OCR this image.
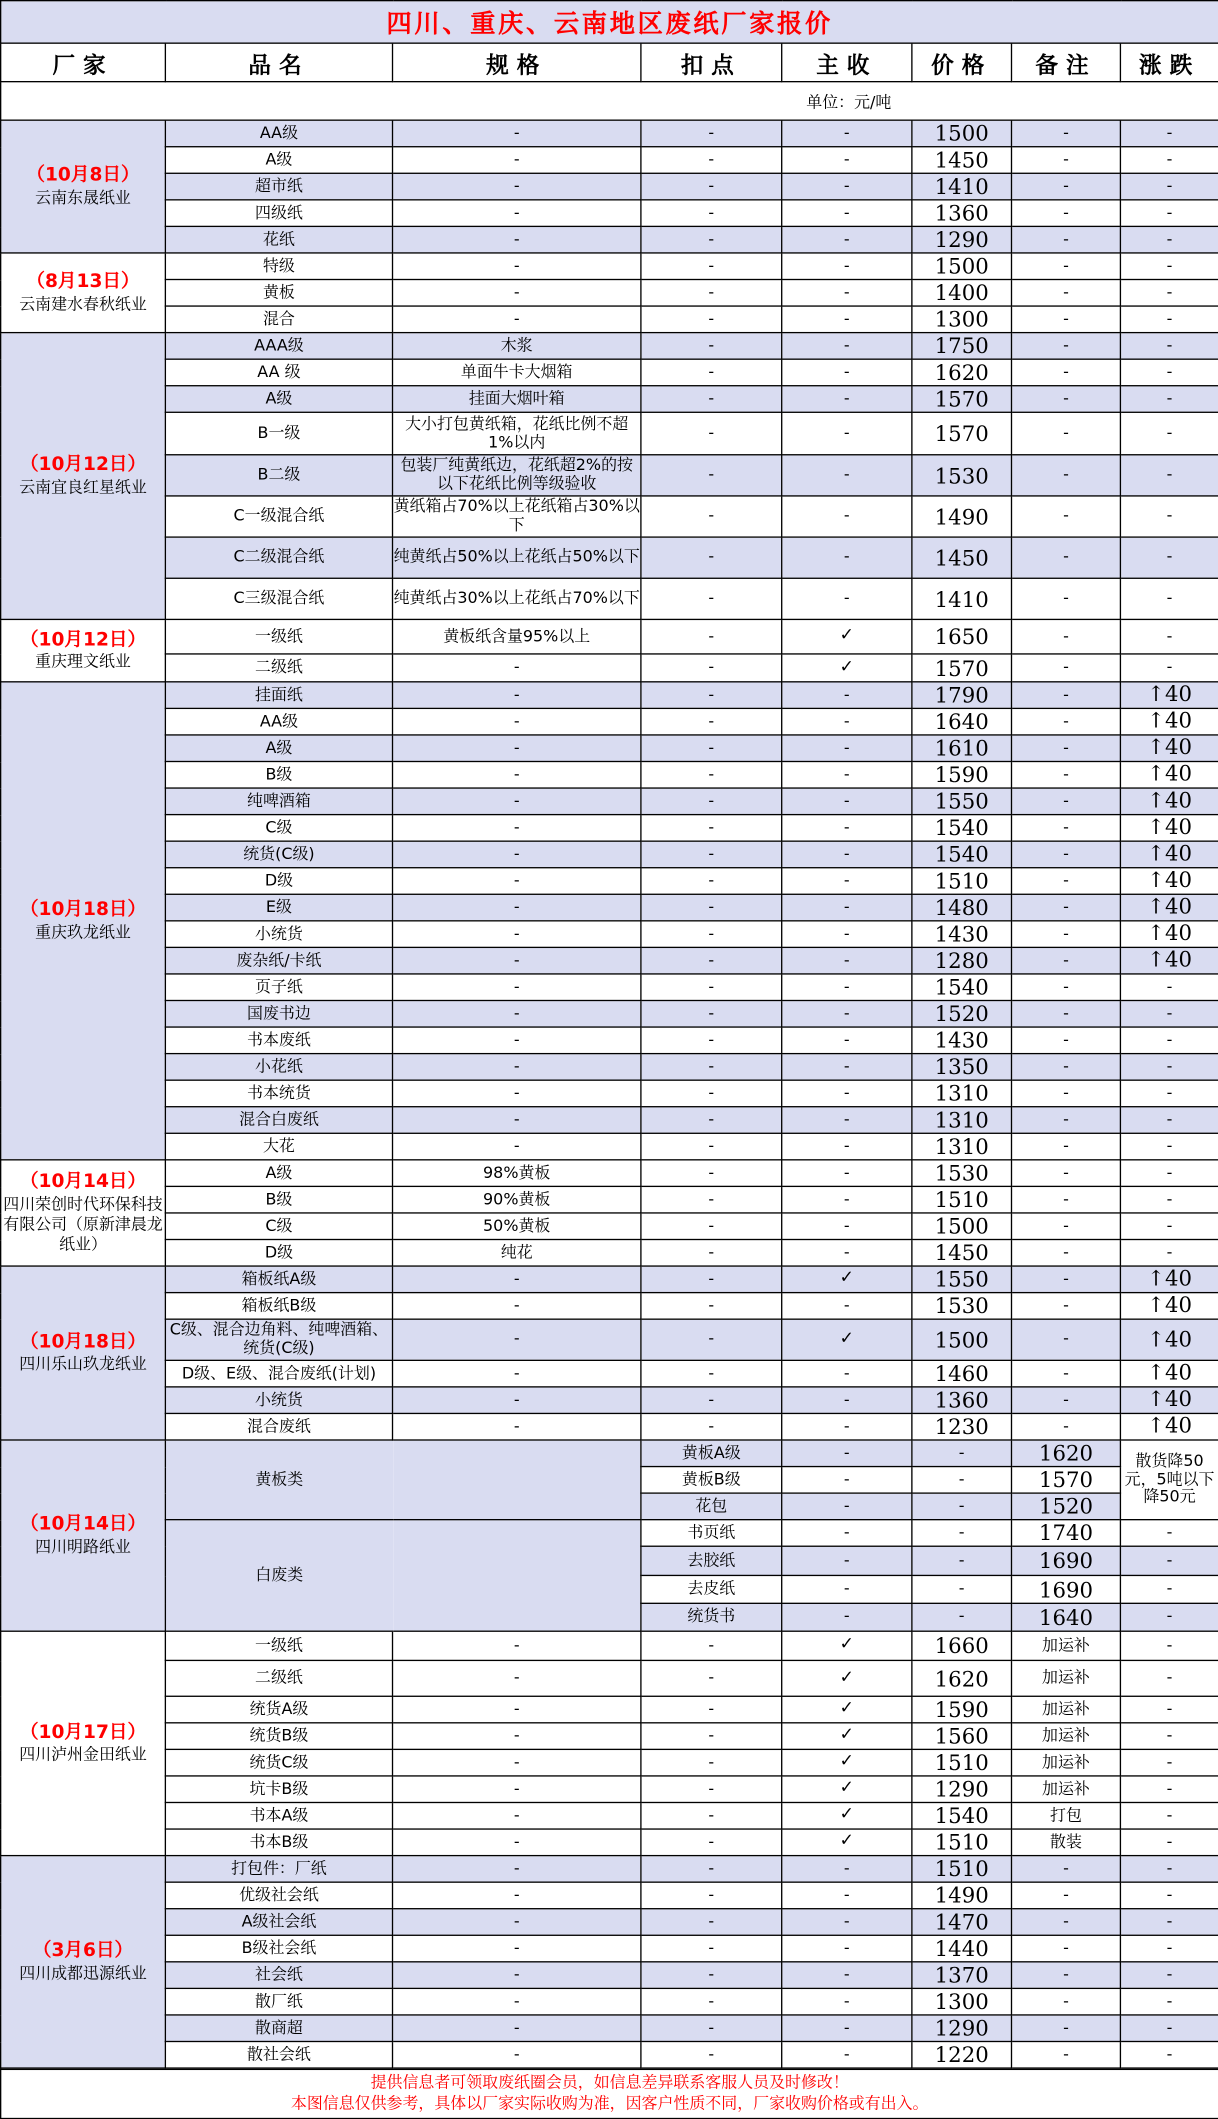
四川、重庆、云南地区废纸厂家报价								
厂家	品名	规格	扣点	主收	价格	备注	涨跌	
单位：元/吨								

（10月8日）
云南东晟纸业	AA级	-	-	-	1500	-	-	
	A级	-	-	-	1450	-	-	
	超市纸	-	-	-	1410	-	-	
	四级纸	-	-	-	1360	-	-	
	花纸	-	-	-	1290	-	-	

（8月13日）
云南建水春秋纸业	特级	-	-	-	1500	-	-	
	黄板	-	-	-	1400	-	-	
	混合	-	-	-	1300	-	-	

（10月12日）
云南宜良红星纸业	AAA级	木浆	-	-	1750	-	-	
	AA 级	单面牛卡大烟箱	-	-	1620	-	-	
	A级	挂面大烟叶箱	-	-	1570	-	-	
	B一级	大小打包黄纸箱，花纸比例不超1%以内	-	-	1570	-	-	
	B二级	包装厂纯黄纸边，花纸超2%的按以下花纸比例等级验收	-	-	1530	-	-	
	C一级混合纸	黄纸箱占70%以上花纸箱占30%以下	-	-	1490	-	-	
	C二级混合纸	纯黄纸占50%以上花纸占50%以下	-	-	1450	-	-	
	C三级混合纸	纯黄纸占30%以上花纸占70%以下	-	-	1410	-	-	

（10月12日）
重庆理文纸业	一级纸	黄板纸含量95%以上	-	✓	1650	-	-	
	二级纸	-	-	✓	1570	-	-	

（10月18日）
重庆玖龙纸业	挂面纸	-	-	-	1790	-	↑40	
	AA级	-	-	-	1640	-	↑40	
	A级	-	-	-	1610	-	↑40	
	B级	-	-	-	1590	-	↑40	
	纯啤酒箱	-	-	-	1550	-	↑40	
	C级	-	-	-	1540	-	↑40	
	统货(C级)	-	-	-	1540	-	↑40	
	D级	-	-	-	1510	-	↑40	
	E级	-	-	-	1480	-	↑40	
	小统货	-	-	-	1430	-	↑40	
	废杂纸/卡纸	-	-	-	1280	-	↑40	
	页子纸	-	-	-	1540	-	-	
	国废书边	-	-	-	1520	-	-	
	书本废纸	-	-	-	1430	-	-	
	小花纸	-	-	-	1350	-	-	
	书本统货	-	-	-	1310	-	-	
	混合白废纸	-	-	-	1310	-	-	
	大花	-	-	-	1310	-	-	

（10月14日）
四川荣创时代环保科技有限公司（原新津晨龙纸业）	A级	98%黄板	-	-	1530	-	-	
	B级	90%黄板	-	-	1510	-	-	
	C级	50%黄板	-	-	1500	-	-	
	D级	纯花	-	-	1450	-	-	

（10月18日）
四川乐山玖龙纸业	箱板纸A级	-	-	✓	1550	-	↑40	
	箱板纸B级	-	-	-	1530	-	↑40	
	C级、混合边角料、纯啤酒箱、统货(C级)	-	-	✓	1500	-	↑40	
	D级、E级、混合废纸(计划)	-	-	-	1460	-	↑40	
	小统货	-	-	-	1360	-	↑40	
	混合废纸	-	-	-	1230	-	↑40	

（10月14日）
四川明路纸业	黄板类		黄板A级	-	-	1620	散货降50元，5吨以下降50元	
			黄板B级	-	-	1570	
			花包	-	-	1520	
	白废类		书页纸	-	-	1740	-	
			去胶纸	-	-	1690	-	
			去皮纸	-	-	1690	-	
			统货书	-	-	1640	-	

（10月17日）
四川泸州金田纸业	一级纸	-	-	✓	1660	加运补	-	
	二级纸	-	-	✓	1620	加运补	-	
	统货A级	-	-	✓	1590	加运补	-	
	统货B级	-	-	✓	1560	加运补	-	
	统货C级	-	-	✓	1510	加运补	-	
	坑卡B级	-	-	✓	1290	加运补	-	
	书本A级	-	-	✓	1540	打包	-	
	书本B级	-	-	✓	1510	散装	-	

（3月6日）
四川成都迅源纸业	打包件：厂纸	-	-	-	1510	-	-	
	优级社会纸	-	-	-	1490	-	-	
	A级社会纸	-	-	-	1470	-	-	
	B级社会纸	-	-	-	1440	-	-	
	社会纸	-	-	-	1370	-	-	
	散厂纸	-	-	-	1300	-	-	
	散商超	-	-	-	1290	-	-	
	散社会纸	-	-	-	1220	-	-	
提供信息者可领取废纸圈会员，如信息差异联系客服人员及时修改！
本图信息仅供参考，具体以厂家实际收购为准，因客户性质不同，厂家收购价格或有出入。
